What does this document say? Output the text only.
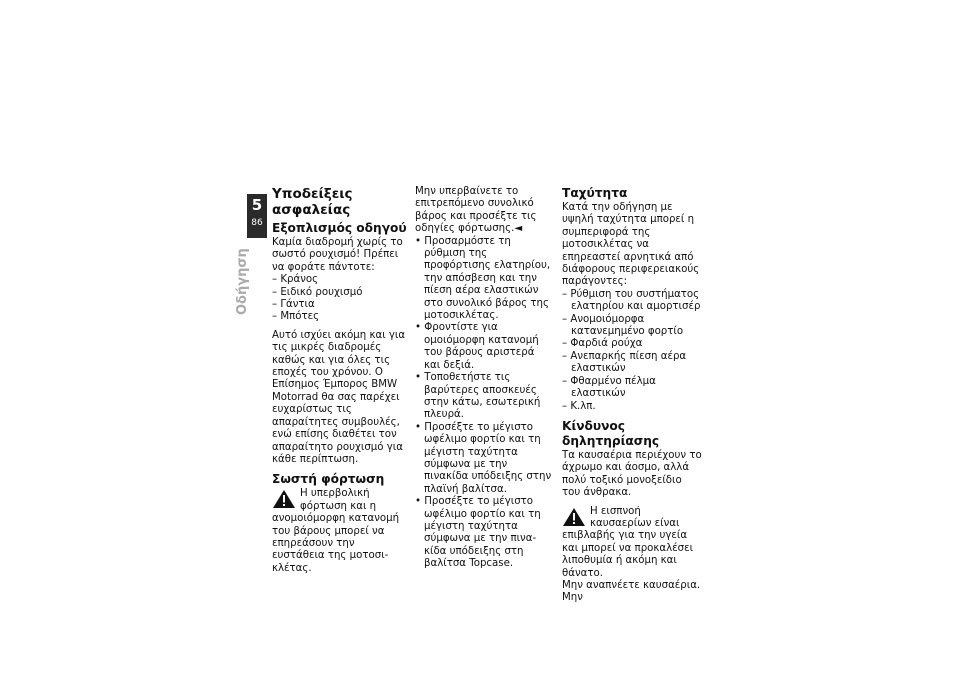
5
86
Οδήγηση
Υποδείξεις ασφαλείας
Εξοπλισμός οδηγού

Καμία διαδρομή χωρίς το σωστό ρουχισμό! Πρέπει να φοράτε πάντοτε:

– Κράνος
– Ειδικό ρουχισμό
– Γάντια
– Μπότες

Αυτό ισχύει ακόμη και για τις μικρές διαδρομές καθώς και για όλες τις εποχές του χρόνου. Ο Επίσημος Έμπορος BMW Motorrad θα σας παρέχει ευχαρίστως τις απαραίτητες συμβουλές, ενώ επίσης διαθέτει τον απαραίτητο ρουχισμό για κάθε περίπτωση.

Σωστή φόρτωση
Η υπερβολική φόρτωση και η ανομοιόμορφη κατανομή του βάρους μπορεί να επηρεάσουν την ευστάθεια της μοτοσικλέτας.

Μην υπερβαίνετε το επιτρεπόμενο συνολικό βάρος και προσέξτε τις οδηγίες φόρτωσης.◄

• Προσαρμόστε τη ρύθμιση της προφόρτισης ελατηρίου, την απόσβεση και την πίεση αέρα ελαστικών στο συνολικό βάρος της μοτοσικλέτας.
• Φροντίστε για ομοιόμορφη κατανομή του βάρους αριστερά και δεξιά.
• Τοποθετήστε τις βαρύτερες αποσκευές στην κάτω, εσωτερική πλευρά.
• Προσέξτε το μέγιστο ωφέλιμο φορτίο και τη μέγιστη ταχύτητα σύμφωνα με την πινακίδα υπόδειξης στην πλαϊνή βαλίτσα.
• Προσέξτε το μέγιστο ωφέλιμο φορτίο και τη μέγιστη ταχύτητα σύμφωνα με την πινακίδα υπόδειξης στη βαλίτσα Topcase.
Ταχύτητα

Κατά την οδήγηση με υψηλή ταχύτητα μπορεί η συμπεριφορά της μοτοσικλέτας να επηρεαστεί αρνητικά από διάφορους περιφερειακούς παράγοντες:

– Ρύθμιση του συστήματος ελατηρίου και αμορτισέρ
– Ανομοιόμορφα κατανεμημένο φορτίο
– Φαρδιά ρούχα
– Ανεπαρκής πίεση αέρα ελαστικών
– Φθαρμένο πέλμα ελαστικών
– Κ.λπ.
Κίνδυνος δηλητηρίασης

Τα καυσαέρια περιέχουν το άχρωμο και άοσμο, αλλά πολύ τοξικό μονοξείδιο του άνθρακα.

Η εισπνοή καυσαερίων είναι επιβλαβής για την υγεία και μπορεί να προκαλέσει λιποθυμία ή ακόμη και θάνατο.

Μην αναπνέετε καυσαέρια. Μην
